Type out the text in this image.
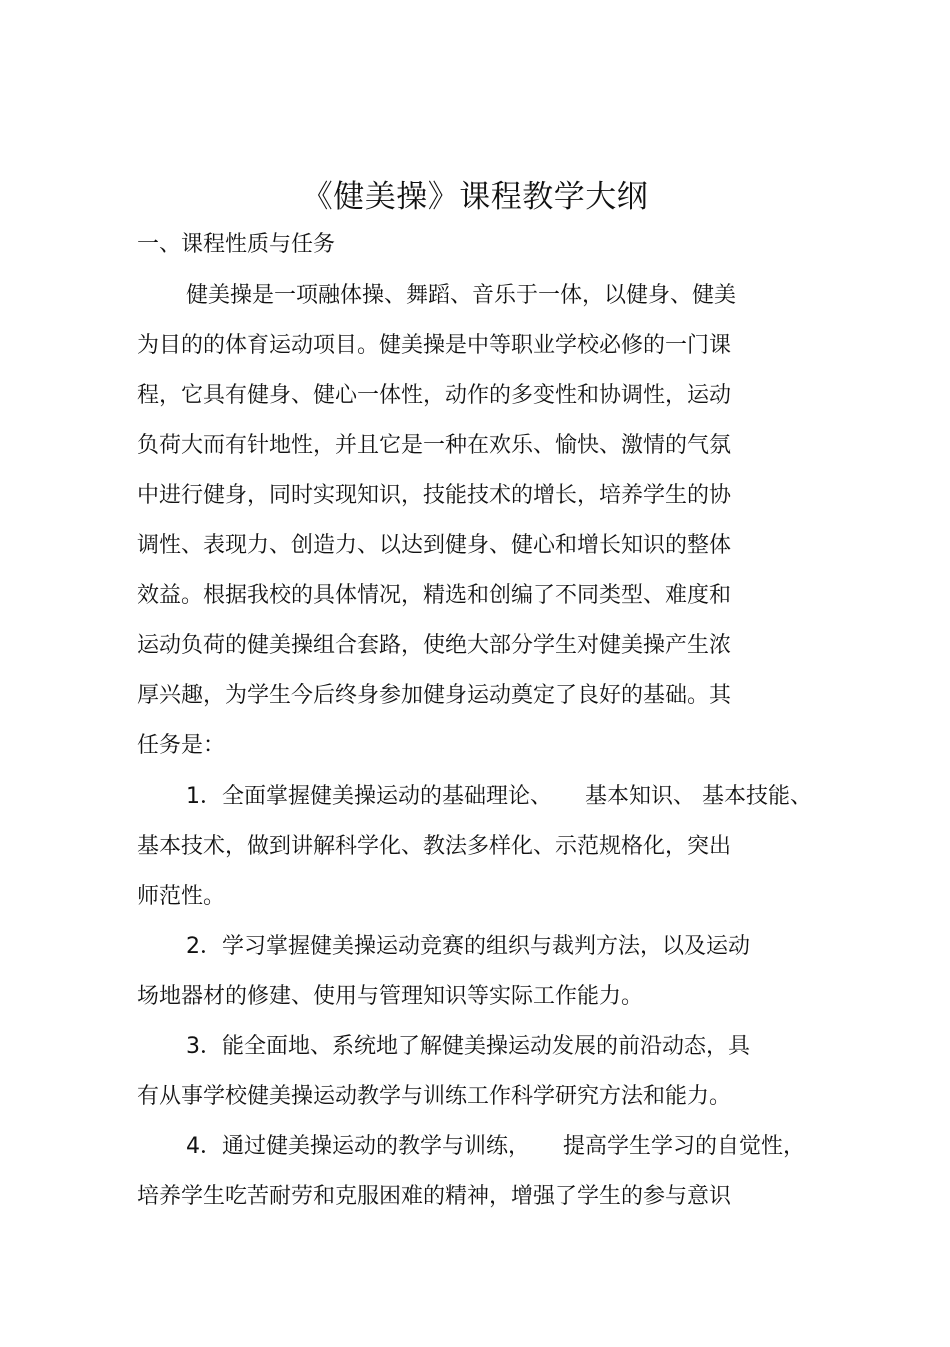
《健美操》课程教学大纲
一、课程性质与任务
健美操是一项融体操、舞蹈、音乐于一体，以健身、健美
为目的的体育运动项目。健美操是中等职业学校必修的一门课
程，它具有健身、健心一体性，动作的多变性和协调性，运动
负荷大而有针地性，并且它是一种在欢乐、愉快、激情的气氛
中进行健身，同时实现知识，技能技术的增长，培养学生的协
调性、表现力、创造力、以达到健身、健心和增长知识的整体
效益。根据我校的具体情况，精选和创编了不同类型、难度和
运动负荷的健美操组合套路，使绝大部分学生对健美操产生浓
厚兴趣，为学生今后终身参加健身运动奠定了良好的基础。其
任务是：
1．全面掌握健美操运动的基础理论、　　基本知识、 基本技能、
基本技术，做到讲解科学化、教法多样化、示范规格化，突出
师范性。
2．学习掌握健美操运动竞赛的组织与裁判方法，以及运动
场地器材的修建、使用与管理知识等实际工作能力。
3．能全面地、系统地了解健美操运动发展的前沿动态，具
有从事学校健美操运动教学与训练工作科学研究方法和能力。
4．通过健美操运动的教学与训练，　　提高学生学习的自觉性，
培养学生吃苦耐劳和克服困难的精神，增强了学生的参与意识
